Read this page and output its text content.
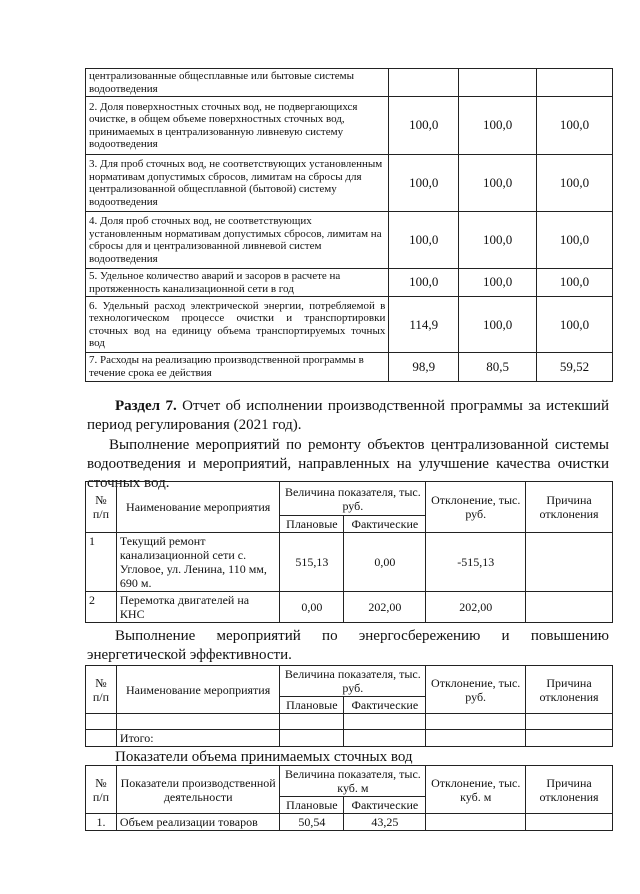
централизованные общесплавные или бытовые системы водоотведения			
2. Доля поверхностных сточных вод, не подвергающихся очистке, в общем объеме поверхностных сточных вод, принимаемых в централизованную ливневую систему водоотведения	100,0	100,0	100,0
3. Для проб сточных вод, не соответствующих установленным нормативам допустимых сбросов, лимитам на сбросы для централизованной общесплавной (бытовой) систему водоотведения	100,0	100,0	100,0
4. Доля проб сточных вод, не соответствующих установленным нормативам допустимых сбросов, лимитам на сбросы для и централизованной ливневой систем водоотведения	100,0	100,0	100,0
5. Удельное количество аварий и засоров в расчете на протяженность канализационной сети в год	100,0	100,0	100,0
6. Удельный расход электрической энергии, потребляемой в технологическом процессе очистки и транспортировки сточных вод на единицу объема транспортируемых точных вод	114,9	100,0	100,0
7. Расходы на реализацию производственной программы в течение срока ее действия	98,9	80,5	59,52

Раздел 7. Отчет об исполнении производственной программы за истекший период регулирования (2021 год).

Выполнение мероприятий по ремонту объектов централизованной системы водоотведения и мероприятий, направленных на улучшение качества очистки сточных вод.

№ п/п	Наименование мероприятия	Величина показателя, тыс. руб.		Отклонение, тыс. руб.	Причина отклонения
		Плановые	Фактические		
1	Текущий ремонт канализационной сети с. Угловое, ул. Ленина, 110 мм, 690 м.	515,13	0,00	-515,13	
2	Перемотка двигателей на КНС	0,00	202,00	202,00	

Выполнение мероприятий по энергосбережению и повышению энергетической эффективности.

№ п/п	Наименование мероприятия	Величина показателя, тыс. руб.		Отклонение, тыс. руб.	Причина отклонения
		Плановые	Фактические		

	Итого:				

Показатели объема принимаемых сточных вод

№ п/п	Показатели производственной деятельности	Величина показателя, тыс. куб. м		Отклонение, тыс. куб. м	Причина отклонения
		Плановые	Фактические		
1.	Объем реализации товаров	50,54	43,25		
